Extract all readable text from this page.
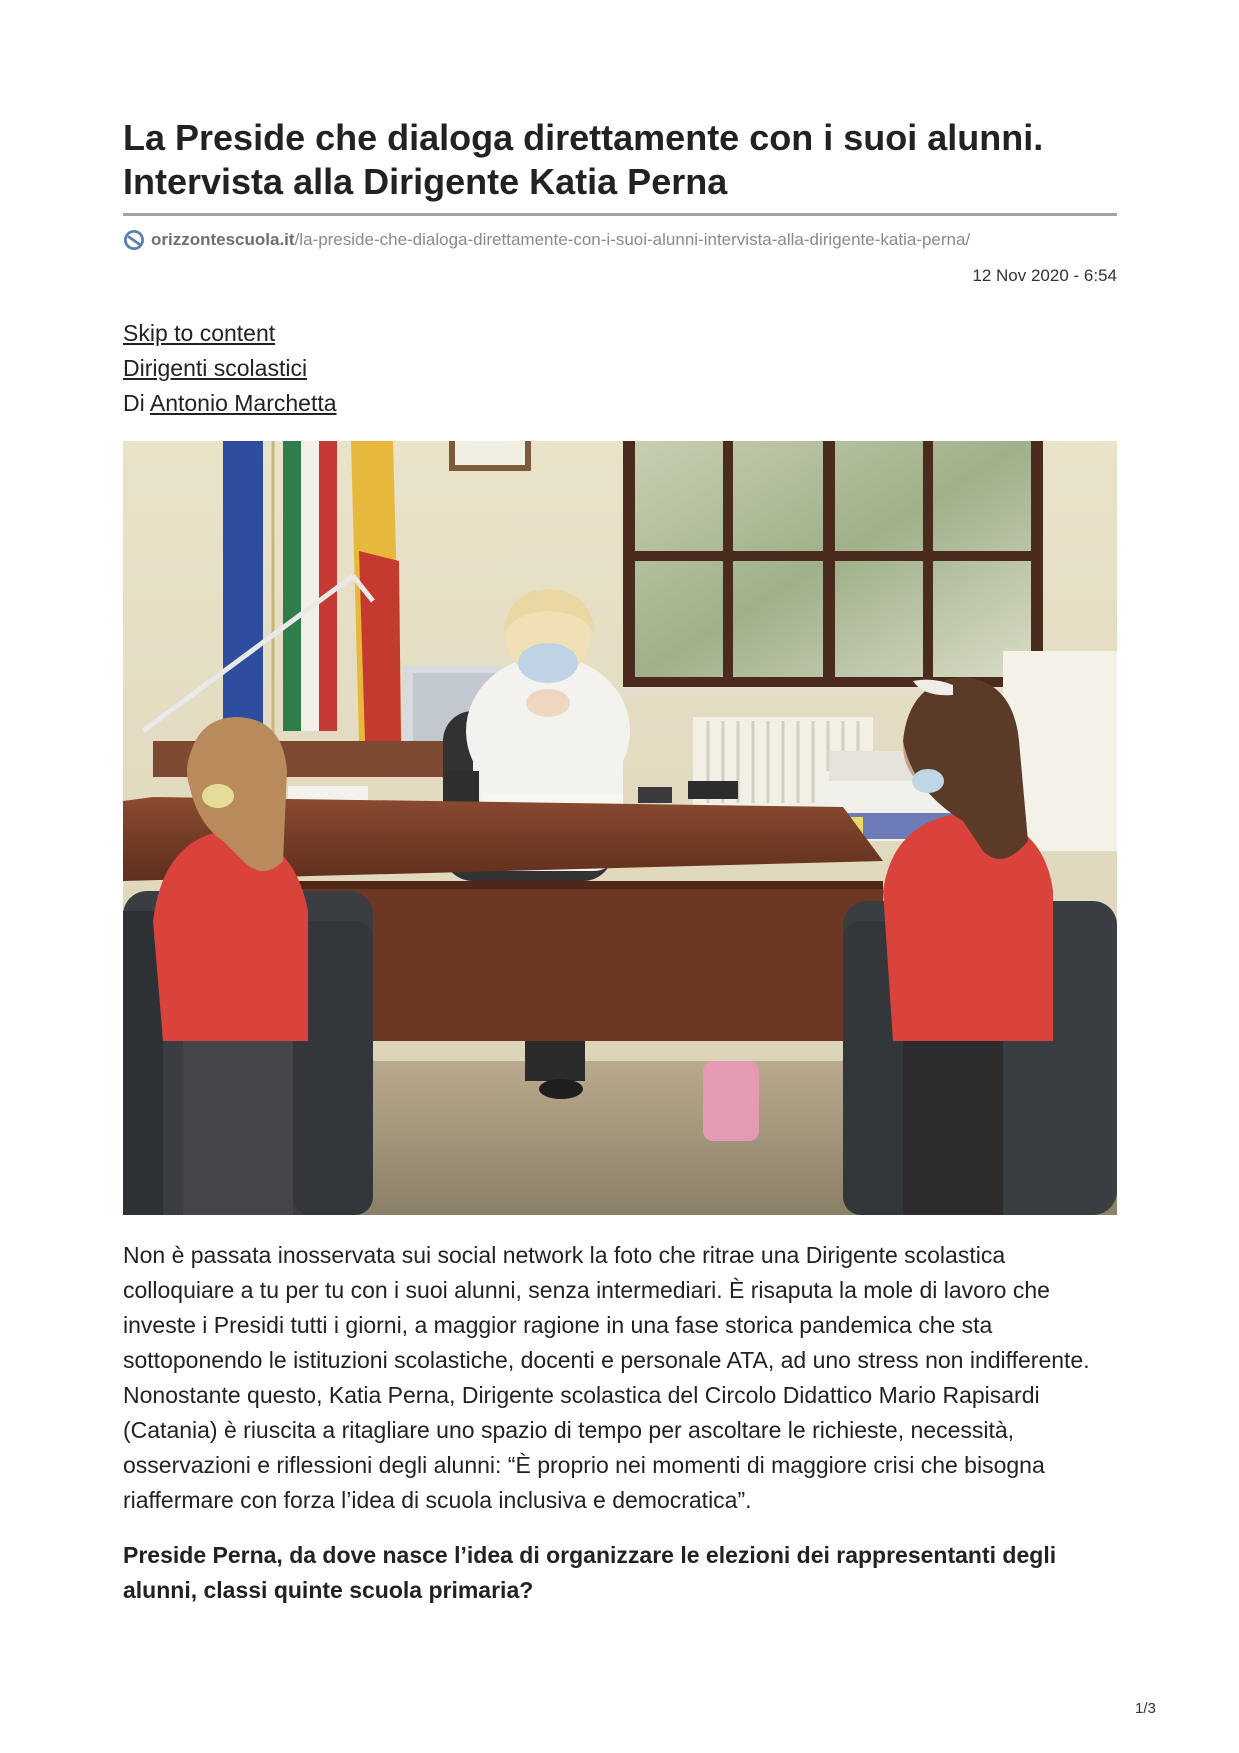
La Preside che dialoga direttamente con i suoi alunni.
Intervista alla Dirigente Katia Perna
orizzontescuola.it /la-preside-che-dialoga-direttamente-con-i-suoi-alunni-intervista-alla-dirigente-katia-perna/
12 Nov 2020 - 6:54
Skip to content
Dirigenti scolastici
Di Antonio Marchetta

Non è passata inosservata sui social network la foto che ritrae una Dirigente scolastica colloquiare a tu per tu con i suoi alunni, senza intermediari. È risaputa la mole di lavoro che investe i Presidi tutti i giorni, a maggior ragione in una fase storica pandemica che sta sottoponendo le istituzioni scolastiche, docenti e personale ATA, ad uno stress non indifferente. Nonostante questo, Katia Perna, Dirigente scolastica del Circolo Didattico Mario Rapisardi (Catania) è riuscita a ritagliare uno spazio di tempo per ascoltare le richieste, necessità, osservazioni e riflessioni degli alunni: “È proprio nei momenti di maggiore crisi che bisogna riaffermare con forza l’idea di scuola inclusiva e democratica”.

Preside Perna, da dove nasce l’idea di organizzare le elezioni dei rappresentanti degli alunni, classi quinte scuola primaria?

1/3
